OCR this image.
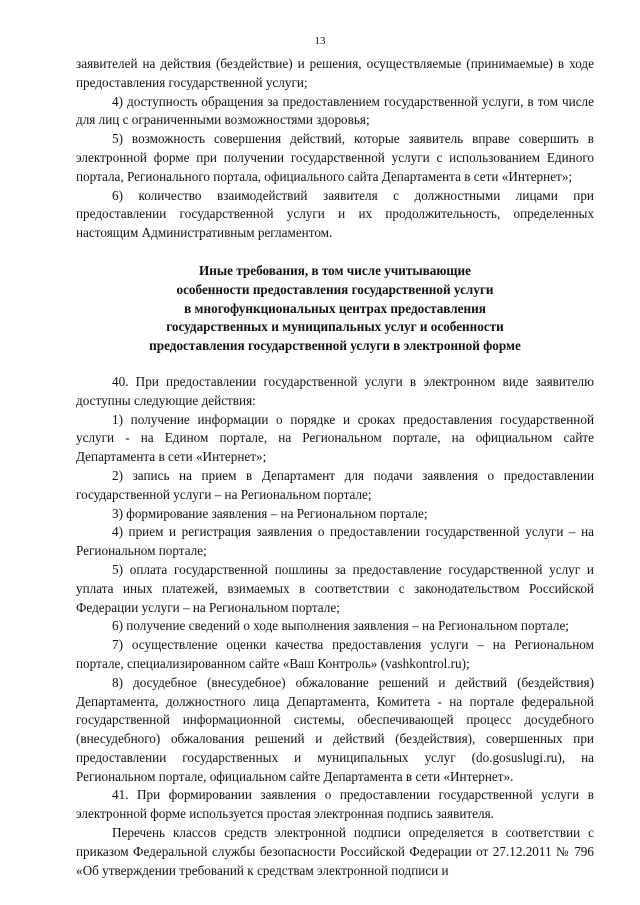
13

заявителей на действия (бездействие) и решения, осуществляемые (принимаемые) в ходе предоставления государственной услуги;

4) доступность обращения за предоставлением государственной услуги, в том числе для лиц с ограниченными возможностями здоровья;

5) возможность совершения действий, которые заявитель вправе совершить в электронной форме при получении государственной услуги с использованием Единого портала, Регионального портала, официального сайта Департамента в сети «Интернет»;

6) количество взаимодействий заявителя с должностными лицами при предоставлении государственной услуги и их продолжительность, определенных настоящим Административным регламентом.

Иные требования, в том числе учитывающие
особенности предоставления государственной услуги
в многофункциональных центрах предоставления
государственных и муниципальных услуг и особенности
предоставления государственной услуги в электронной форме

40. При предоставлении государственной услуги в электронном виде заявителю доступны следующие действия:

1) получение информации о порядке и сроках предоставления государственной услуги - на Едином портале, на Региональном портале, на официальном сайте Департамента в сети «Интернет»;

2) запись на прием в Департамент для подачи заявления о предоставлении государственной услуги – на Региональном портале;

3) формирование заявления – на Региональном портале;

4) прием и регистрация заявления о предоставлении государственной услуги – на Региональном портале;

5) оплата государственной пошлины за предоставление государственной услуг и уплата иных платежей, взимаемых в соответствии с законодательством Российской Федерации услуги – на Региональном портале;

6) получение сведений о ходе выполнения заявления – на Региональном портале;

7) осуществление оценки качества предоставления услуги – на Региональном портале, специализированном сайте «Ваш Контроль» (vashkontrol.ru);

8) досудебное (внесудебное) обжалование решений и действий (бездействия) Департамента, должностного лица Департамента, Комитета - на портале федеральной государственной информационной системы, обеспечивающей процесс досудебного (внесудебного) обжалования решений и действий (бездействия), совершенных при предоставлении государственных и муниципальных услуг (do.gosuslugi.ru), на Региональном портале, официальном сайте Департамента в сети «Интернет».

41. При формировании заявления о предоставлении государственной услуги в электронной форме используется простая электронная подпись заявителя.

Перечень классов средств электронной подписи определяется в соответствии с приказом Федеральной службы безопасности Российской Федерации от 27.12.2011 № 796 «Об утверждении требований к средствам электронной подписи и
